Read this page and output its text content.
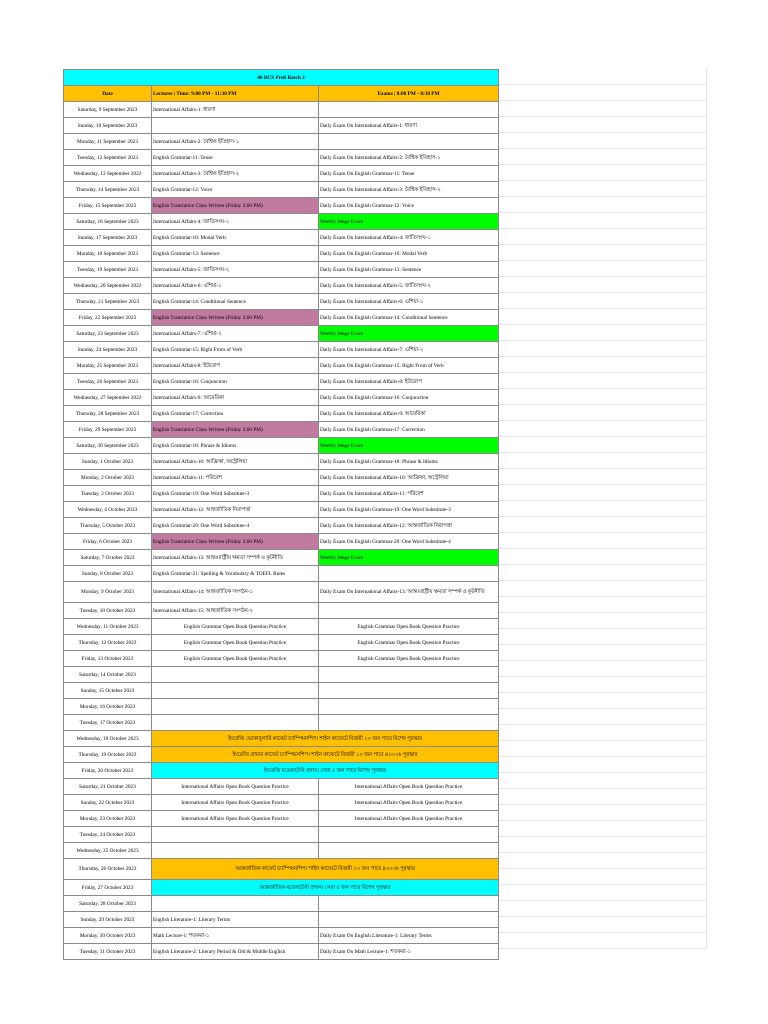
46 BCS Preli Batch 2		
Date	Lectures | Time: 9:00 PM - 11:30 PM	Exams | 8:00 PM - 8:30 PM
Saturday, 9 September 2023	International Affairs-1: ধারণা	
Sunday, 10 September 2023		Daily Exam On International Affairs-1: ধারণা
Monday, 11 September 2023	International Affairs-2: বৈশ্বিক ইতিহাস-১	
Tuesday, 12 September 2023	English Grammar-11: Tense	Daily Exam On International Affairs-2: বৈশ্বিক ইতিহাস-১
Wednesday, 13 September 2023	International Affairs-3: বৈশ্বিক ইতিহাস-২	Daily Exam On English Grammar-11: Tense
Thursday, 14 September 2023	English Grammar-12: Voice	Daily Exam On International Affairs-3: বৈশ্বিক ইতিহাস-২
Friday, 15 September 2023	English Translation Class Written (Friday 3:00 PM)	Daily Exam On English Grammar-12: Voice
Saturday, 16 September 2023	International Affairs-4: জাতিসংঘ-১	Weekly Mega Exam
Sunday, 17 September 2023	English Grammar-10: Modal Verb	Daily Exam On International Affairs-4: জাতিসংঘ-১
Monday, 18 September 2023	English Grammar-13: Sentence	Daily Exam On English Grammar-10: Modal Verb
Tuesday, 19 September 2023	International Affairs-5: জাতিসংঘ-২	Daily Exam On English Grammar-13: Sentence
Wednesday, 20 September 2023	International Affairs-6: এশিয়া-১	Daily Exam On International Affairs-5: জাতিসংঘ-২
Thursday, 21 September 2023	English Grammar-14: Conditional Sentence	Daily Exam On International Affairs-6: এশিয়া-১
Friday, 22 September 2023	English Translation Class Written (Friday 3:00 PM)	Daily Exam On English Grammar-14: Conditional Sentence
Saturday, 23 September 2023	International Affairs-7: এশিয়া-২	Weekly Mega Exam
Sunday, 24 September 2023	English Grammar-15: Right From of Verb	Daily Exam On International Affairs-7: এশিয়া-২
Monday, 25 September 2023	International Affairs-8: ইউরোপ	Daily Exam On English Grammar-15: Right From of Verb
Tuesday, 26 September 2023	English Grammar-16: Conjunction	Daily Exam On International Affairs-8: ইউরোপ
Wednesday, 27 September 2023	International Affairs-9: আমেরিকা	Daily Exam On English Grammar-16: Conjunction
Thursday, 28 September 2023	English Grammar-17: Correction	Daily Exam On International Affairs-9: আমেরিকা
Friday, 29 September 2023	English Translation Class Written (Friday 3:00 PM)	Daily Exam On English Grammar-17: Correction
Saturday, 30 September 2023	English Grammar-18: Phrase & Idioms	Weekly Mega Exam
Sunday, 1 October 2023	International Affairs-10: আফ্রিকা, অস্ট্রেলিয়া	Daily Exam On English Grammar-18: Phrase & Idioms
Monday, 2 October 2023	International Affairs-11: পরিবেশ	Daily Exam On International Affairs-10: আফ্রিকা, অস্ট্রেলিয়া
Tuesday, 3 October 2023	English Grammar-19: One Word Substitute-3	Daily Exam On International Affairs-11: পরিবেশ
Wednesday, 4 October 2023	International Affairs-12: আন্তর্জাতিক নিরাপত্তা	Daily Exam On English Grammar-19: One Word Substitute-3
Thursday, 5 October 2023	English Grammar-20: One Word Substitute-4	Daily Exam On International Affairs-12: আন্তর্জাতিক নিরাপত্তা
Friday, 6 October 2023	English Translation Class Written (Friday 3:00 PM)	Daily Exam On English Grammar-20: One Word Substitute-4
Saturday, 7 October 2023	International Affairs-13: আন্তঃরাষ্ট্রীয় ক্ষমতা সম্পর্ক ও কূটনীতি	Weekly Mega Exam
Sunday, 8 October 2023	English Grammar-21: Spelling & Vocabulary & TOEFL Rules	
Monday, 9 October 2023	International Affairs-14: আন্তর্জাতিক সংগঠন-১	Daily Exam On International Affairs-13: আন্তঃরাষ্ট্রীয় ক্ষমতা সম্পর্ক ও কূটনীতি
Tuesday, 10 October 2023	International Affairs-15: আন্তর্জাতিক সংগঠন-২	
Wednesday, 11 October 2023	English Grammar Open Book Question Practice	English Grammar Open Book Question Practice
Thursday, 12 October 2023	English Grammar Open Book Question Practice	English Grammar Open Book Question Practice
Friday, 13 October 2023	English Grammar Open Book Question Practice	English Grammar Open Book Question Practice
Saturday, 14 October 2023		
Sunday, 15 October 2023		
Monday, 16 October 2023		
Tuesday, 17 October 2023		
Wednesday, 18 October 2023	ইংরেজি ভোকাবুলারি কাফেট চ্যাম্পিয়নশিপ। শাইন কাফেটে বিজয়ী ১০ জন পাবে বিশেষ পুরস্কার	
Thursday, 19 October 2023	ইংরেজি গ্রামার কাফেট চ্যাম্পিয়নশিপ। শাইন কাফেটে বিজয়ী ১০ জন পাবে ৪০০০৳ পুরস্কার	
Friday, 20 October 2023	ইংরেজি মডেলটেস্ট প্রদান। সেরা ৫ জন পাবে বিশেষ পুরস্কার	
Saturday, 21 October 2023	International Affairs Open Book Question Practice	International Affairs Open Book Question Practice
Sunday, 22 October 2023	International Affairs Open Book Question Practice	International Affairs Open Book Question Practice
Monday, 23 October 2023	International Affairs Open Book Question Practice	International Affairs Open Book Question Practice
Tuesday, 24 October 2023		
Wednesday, 25 October 2023		
Thursday, 26 October 2023	আন্তর্জাতিক কাফেট চ্যাম্পিয়নশিপ। শাইন কাফেটে বিজয়ী ১০ জন পাবে ৪০০০৳ পুরস্কার	
Friday, 27 October 2023	আন্তর্জাতিক মডেলটেস্ট প্রদান। সেরা ৫ জন পাবে বিশেষ পুরস্কার	
Saturday, 28 October 2023		
Sunday, 29 October 2023	English Literature-1: Literary Terms	
Monday, 30 October 2023	Math Lecture-1: শতকরা-১	Daily Exam On English Literature-1: Literary Terms
Tuesday, 31 October 2023	English Literature-2: Literary Period & Old & Middle English	Daily Exam On Math Lecture-1: শতকরা-১
